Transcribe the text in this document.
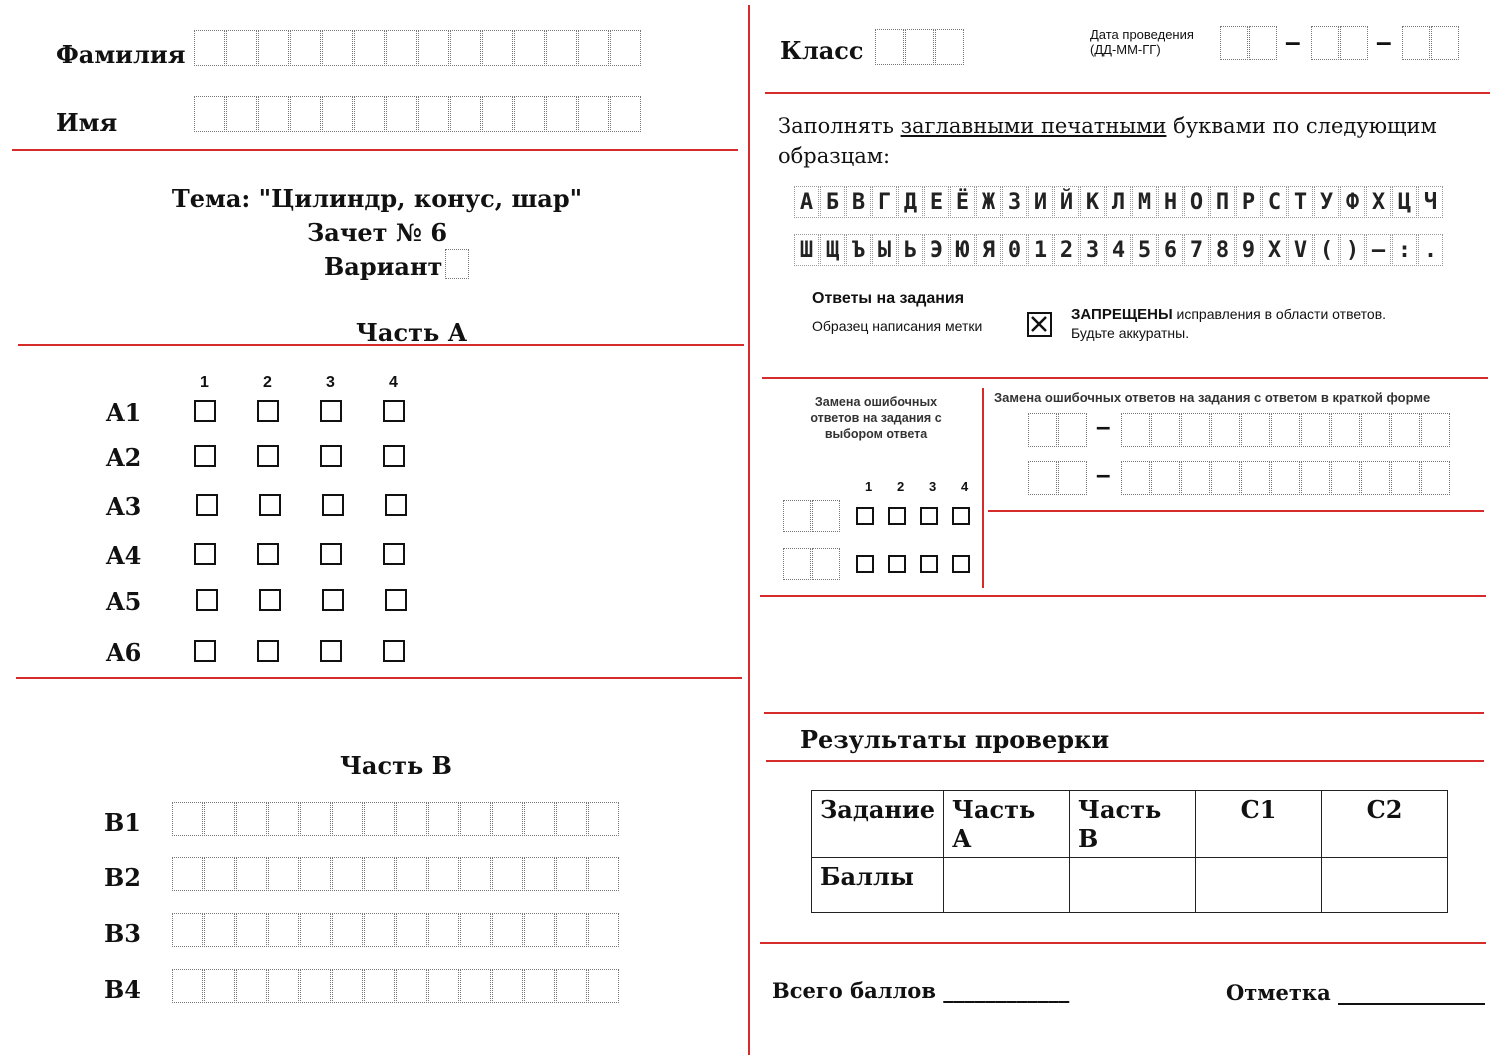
Фамилия
Имя
Тема: "Цилиндр, конус, шар"
Зачет № 6
Вариант
Часть А
1	2	3	4
A1
A2
A3
A4
A5
A6
Часть В
B1
B2
B3
B4
Класс
Дата проведения
(ДД-ММ-ГГ)	–	–
Заполнять заглавными печатными буквами по следующим
образцам:
А Б В Г Д Е Ё Ж З И Й К Л М Н О П Р С Т У Ф Х Ц Ч
Ш Щ Ъ Ы Ь Э Ю Я 0 1 2 3 4 5 6 7 8 9 X V ( ) – : .
Ответы на задания
Образец написания метки
ЗАПРЕЩЕНЫ исправления в области ответов.
Будьте аккуратны.
Замена ошибочных ответов на задания с выбором ответа
1 2 3 4
Замена ошибочных ответов на задания с ответом в краткой форме
–
–
Результаты проверки
Задание	Часть А	Часть В	С1	С2
Баллы				
Всего баллов ____________	Отметка ______________
